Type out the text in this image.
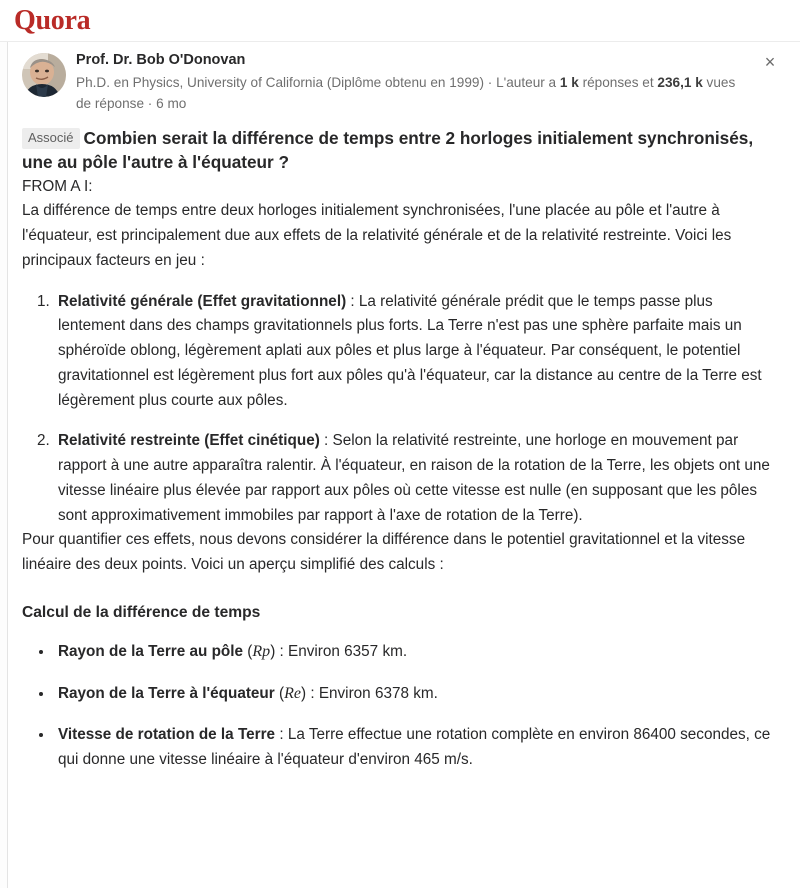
Quora
Prof. Dr. Bob O'Donovan
Ph.D. en Physics, University of California (Diplôme obtenu en 1999) · L'auteur a 1 k réponses et 236,1 k vues de réponse · 6 mo
×
Associé Combien serait la différence de temps entre 2 horloges initialement synchronisés, une au pôle l'autre à l'équateur ?

FROM A I:

La différence de temps entre deux horloges initialement synchronisées, l'une placée au pôle et l'autre à l'équateur, est principalement due aux effets de la relativité générale et de la relativité restreinte. Voici les principaux facteurs en jeu :

1. Relativité générale (Effet gravitationnel) : La relativité générale prédit que le temps passe plus lentement dans des champs gravitationnels plus forts. La Terre n'est pas une sphère parfaite mais un sphéroïde oblong, légèrement aplati aux pôles et plus large à l'équateur. Par conséquent, le potentiel gravitationnel est légèrement plus fort aux pôles qu'à l'équateur, car la distance au centre de la Terre est légèrement plus courte aux pôles.
2. Relativité restreinte (Effet cinétique) : Selon la relativité restreinte, une horloge en mouvement par rapport à une autre apparaîtra ralentir. À l'équateur, en raison de la rotation de la Terre, les objets ont une vitesse linéaire plus élevée par rapport aux pôles où cette vitesse est nulle (en supposant que les pôles sont approximativement immobiles par rapport à l'axe de rotation de la Terre).

Pour quantifier ces effets, nous devons considérer la différence dans le potentiel gravitationnel et la vitesse linéaire des deux points. Voici un aperçu simplifié des calculs :

Calcul de la différence de temps
• Rayon de la Terre au pôle (Rp) : Environ 6357 km.
• Rayon de la Terre à l'équateur (Re) : Environ 6378 km.
• Vitesse de rotation de la Terre : La Terre effectue une rotation complète en environ 86400 secondes, ce qui donne une vitesse linéaire à l'équateur d'environ 465 m/s.
